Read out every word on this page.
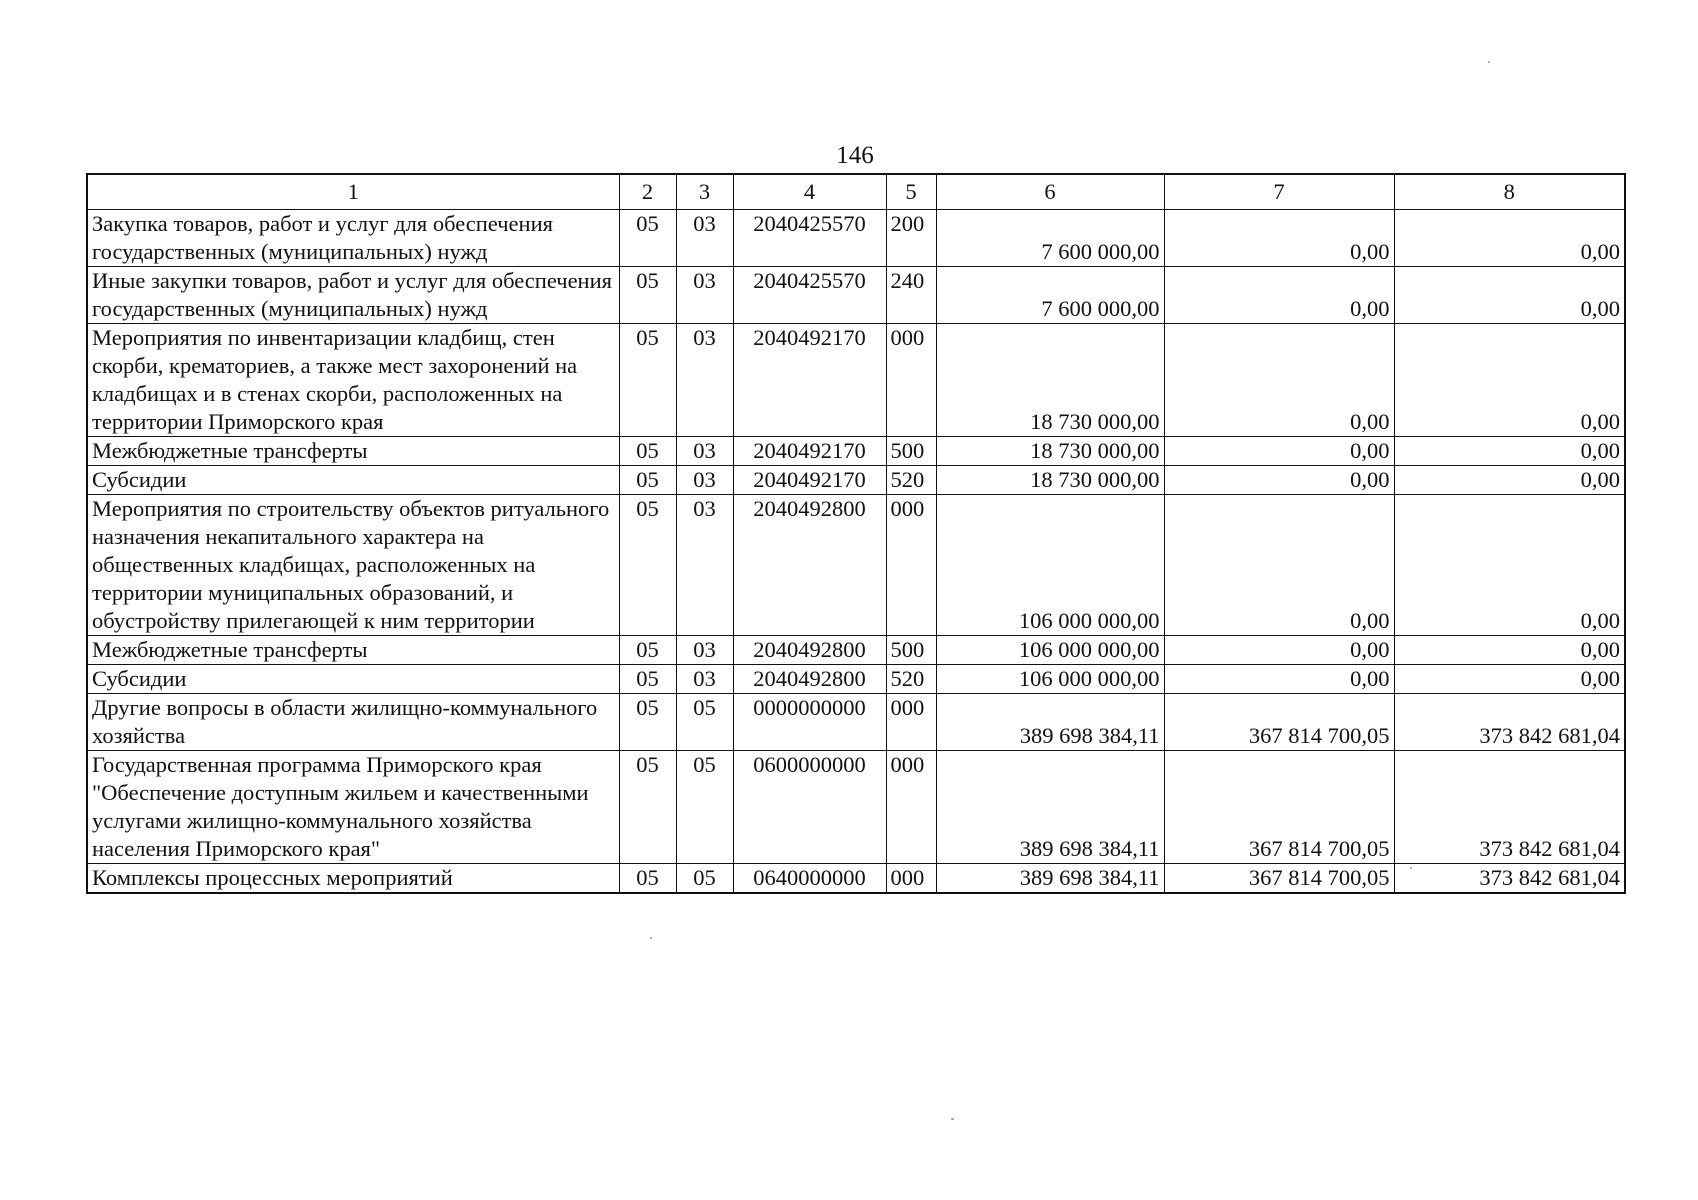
146
1	2	3	4	5	6	7	8
Закупка товаров, работ и услуг для обеспечения государственных (муниципальных) нужд	05	03	2040425570	200	7 600 000,00	0,00	0,00
Иные закупки товаров, работ и услуг для обеспечения государственных (муниципальных) нужд	05	03	2040425570	240	7 600 000,00	0,00	0,00
Мероприятия по инвентаризации кладбищ, стен скорби, крематориев, а также мест захоронений на кладбищах и в стенах скорби, расположенных на территории Приморского края	05	03	2040492170	000	18 730 000,00	0,00	0,00
Межбюджетные трансферты	05	03	2040492170	500	18 730 000,00	0,00	0,00
Субсидии	05	03	2040492170	520	18 730 000,00	0,00	0,00
Мероприятия по строительству объектов ритуального назначения некапитального характера на общественных кладбищах, расположенных на территории муниципальных образований, и обустройству прилегающей к ним территории	05	03	2040492800	000	106 000 000,00	0,00	0,00
Межбюджетные трансферты	05	03	2040492800	500	106 000 000,00	0,00	0,00
Субсидии	05	03	2040492800	520	106 000 000,00	0,00	0,00
Другие вопросы в области жилищно-коммунального хозяйства	05	05	0000000000	000	389 698 384,11	367 814 700,05	373 842 681,04
Государственная программа Приморского края "Обеспечение доступным жильем и качественными услугами жилищно-коммунального хозяйства населения Приморского края"	05	05	0600000000	000	389 698 384,11	367 814 700,05	373 842 681,04
Комплексы процессных мероприятий	05	05	0640000000	000	389 698 384,11	367 814 700,05	373 842 681,04
